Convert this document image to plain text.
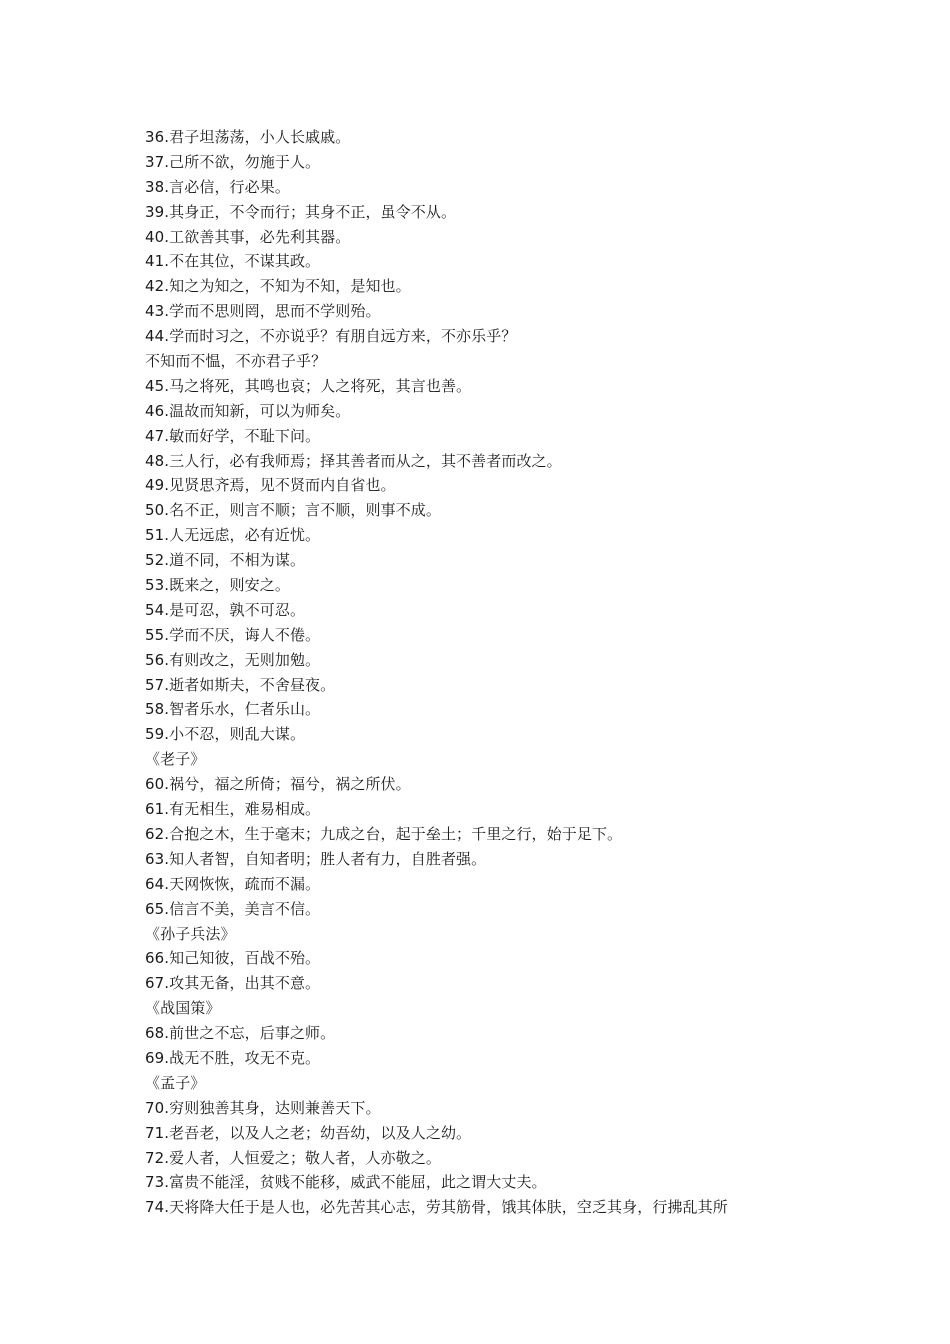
36.君子坦荡荡，小人长戚戚。
37.己所不欲，勿施于人。
38.言必信，行必果。
39.其身正，不令而行；其身不正，虽令不从。
40.工欲善其事，必先利其器。
41.不在其位，不谋其政。
42.知之为知之，不知为不知，是知也。
43.学而不思则罔，思而不学则殆。
44.学而时习之，不亦说乎？有朋自远方来，不亦乐乎？
不知而不愠，不亦君子乎？
45.马之将死，其鸣也哀；人之将死，其言也善。
46.温故而知新，可以为师矣。
47.敏而好学，不耻下问。
48.三人行，必有我师焉；择其善者而从之，其不善者而改之。
49.见贤思齐焉，见不贤而内自省也。
50.名不正，则言不顺；言不顺，则事不成。
51.人无远虑，必有近忧。
52.道不同，不相为谋。
53.既来之，则安之。
54.是可忍，孰不可忍。
55.学而不厌，诲人不倦。
56.有则改之，无则加勉。
57.逝者如斯夫，不舍昼夜。
58.智者乐水，仁者乐山。
59.小不忍，则乱大谋。
《老子》
60.祸兮，福之所倚；福兮，祸之所伏。
61.有无相生，难易相成。
62.合抱之木，生于毫末；九成之台，起于垒土；千里之行，始于足下。
63.知人者智，自知者明；胜人者有力，自胜者强。
64.天网恢恢，疏而不漏。
65.信言不美，美言不信。
《孙子兵法》
66.知己知彼，百战不殆。
67.攻其无备，出其不意。
《战国策》
68.前世之不忘，后事之师。
69.战无不胜，攻无不克。
《孟子》
70.穷则独善其身，达则兼善天下。
71.老吾老，以及人之老；幼吾幼，以及人之幼。
72.爱人者，人恒爱之；敬人者，人亦敬之。
73.富贵不能淫，贫贱不能移，威武不能屈，此之谓大丈夫。
74.天将降大任于是人也，必先苦其心志，劳其筋骨，饿其体肤，空乏其身，行拂乱其所
